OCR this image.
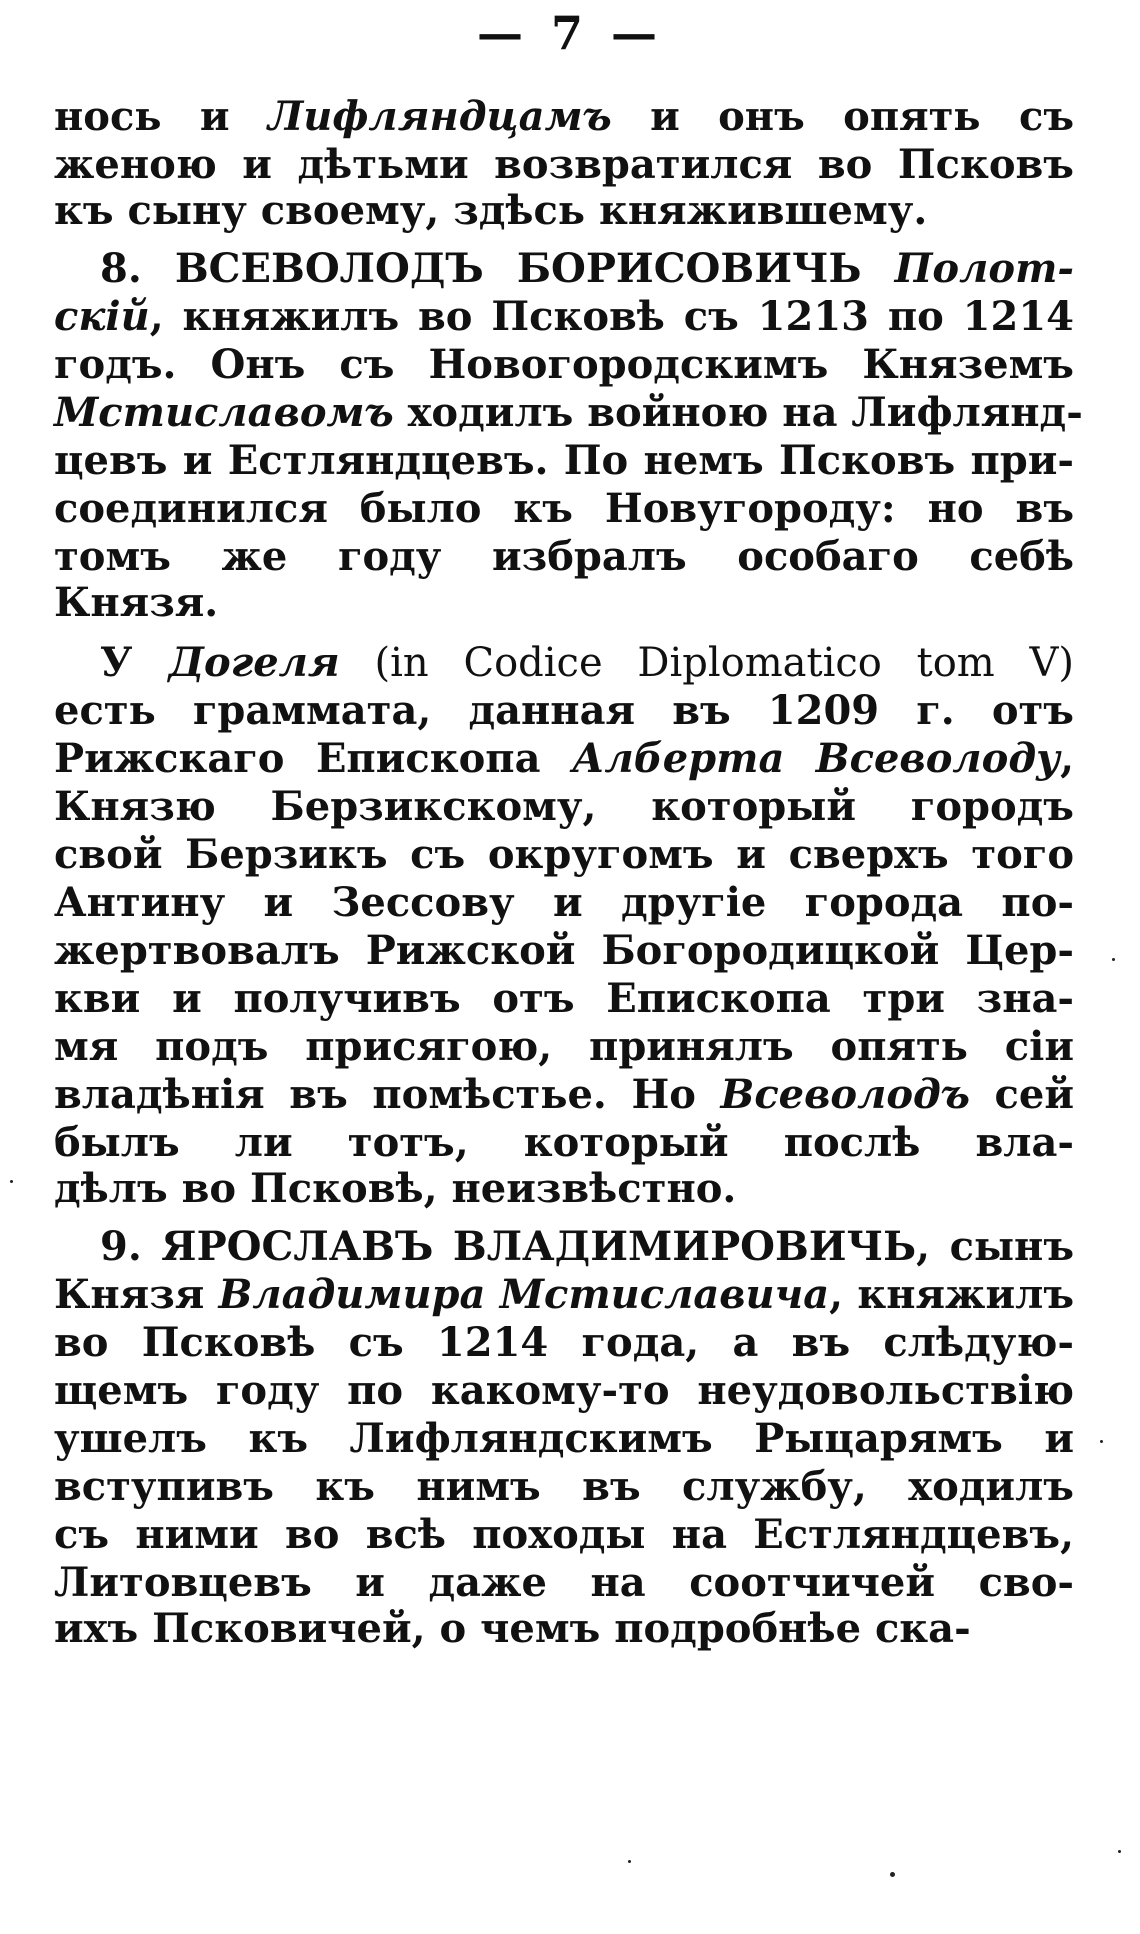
— 7 —
нось и Лифляндцамъ и онъ опять съ
женою и дѣтьми возвратился во Псковъ
къ сыну своему, здѣсь княжившему.
8. ВСЕВОЛОДЪ БОРИСОВИЧЬ Полот-
скій, княжилъ во Псковѣ съ 1213 по 1214
годъ. Онъ съ Новогородскимъ Княземъ
Мстиславомъ ходилъ войною на Лифлянд-
цевъ и Естляндцевъ. По немъ Псковъ при-
соединился было къ Новугороду: но въ
томъ же году избралъ особаго себѣ
Князя.
У Догеля (in Codice Diplomatico tom V)
есть граммата, данная въ 1209 г. отъ
Рижскаго Епископа Алберта Всеволоду,
Князю Берзикскому, который городъ
свой Берзикъ съ округомъ и сверхъ того
Антину и Зессову и другіе города по-
жертвовалъ Рижской Богородицкой Цер-
кви и получивъ отъ Епископа три зна-
мя подъ присягою, принялъ опять сіи
владѣнія въ помѣстье. Но Всеволодъ сей
былъ ли тотъ, который послѣ вла-
дѣлъ во Псковѣ, неизвѣстно.
9. ЯРОСЛАВЪ ВЛАДИМИРОВИЧЬ, сынъ
Князя Владимира Мстиславича, княжилъ
во Псковѣ съ 1214 года, а въ слѣдую-
щемъ году по какому-то неудовольствію
ушелъ къ Лифляндскимъ Рыцарямъ и
вступивъ къ нимъ въ службу, ходилъ
съ ними во всѣ походы на Естляндцевъ,
Литовцевъ и даже на соотчичей сво-
ихъ Псковичей, о чемъ подробнѣе ска-
